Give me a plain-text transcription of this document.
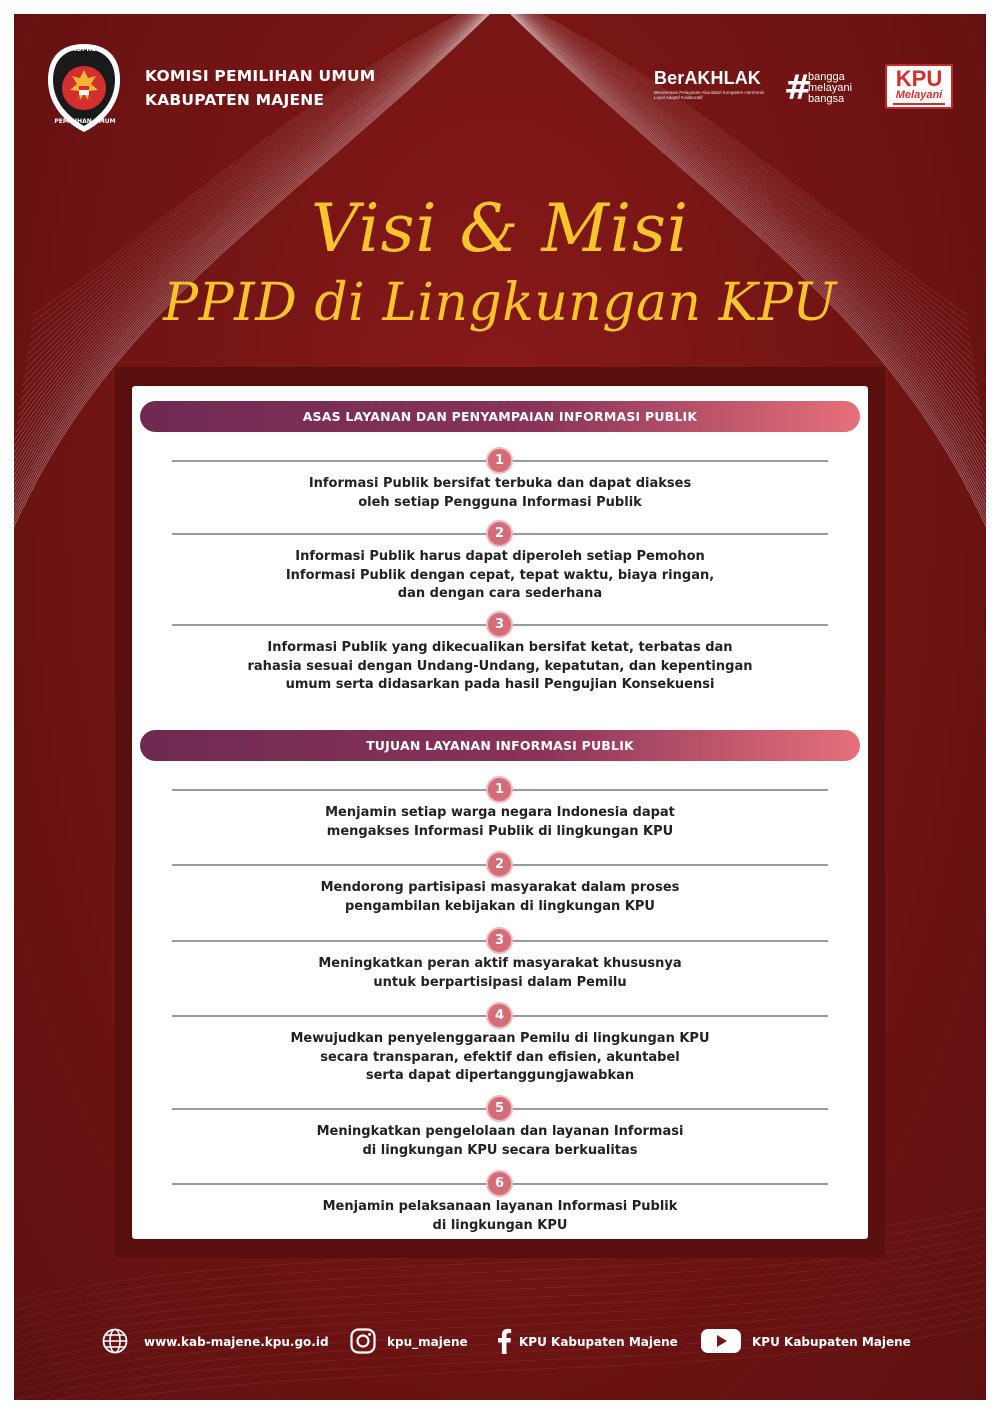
KOMISI
PEMILIHAN UMUM
KOMISI PEMILIHAN UMUM
KABUPATEN MAJENE
BerAKHLAK
Berorientasi Pelayanan Akuntabel Kompeten Harmonis Loyal Adaptif Kolaboratif	#
bangga
melayani
bangsa
KPU
Melayani
Visi & Misi
PPID di Lingkungan KPU
ASAS LAYANAN DAN PENYAMPAIAN INFORMASI PUBLIK
1
Informasi Publik bersifat terbuka dan dapat diakses
oleh setiap Pengguna Informasi Publik
2
Informasi Publik harus dapat diperoleh setiap Pemohon
Informasi Publik dengan cepat, tepat waktu, biaya ringan,
dan dengan cara sederhana
3
Informasi Publik yang dikecualikan bersifat ketat, terbatas dan
rahasia sesuai dengan Undang-Undang, kepatutan, dan kepentingan
umum serta didasarkan pada hasil Pengujian Konsekuensi
TUJUAN LAYANAN INFORMASI PUBLIK
1
Menjamin setiap warga negara Indonesia dapat
mengakses Informasi Publik di lingkungan KPU
2
Mendorong partisipasi masyarakat dalam proses
pengambilan kebijakan di lingkungan KPU
3
Meningkatkan peran aktif masyarakat khususnya
untuk berpartisipasi dalam Pemilu
4
Mewujudkan penyelenggaraan Pemilu di lingkungan KPU
secara transparan, efektif dan efisien, akuntabel
serta dapat dipertanggungjawabkan
5
Meningkatkan pengelolaan dan layanan Informasi
di lingkungan KPU secara berkualitas
6
Menjamin pelaksanaan layanan Informasi Publik
di lingkungan KPU
www.kab-majene.kpu.go.id	kpu_majene	KPU Kabupaten Majene	KPU Kabupaten Majene
